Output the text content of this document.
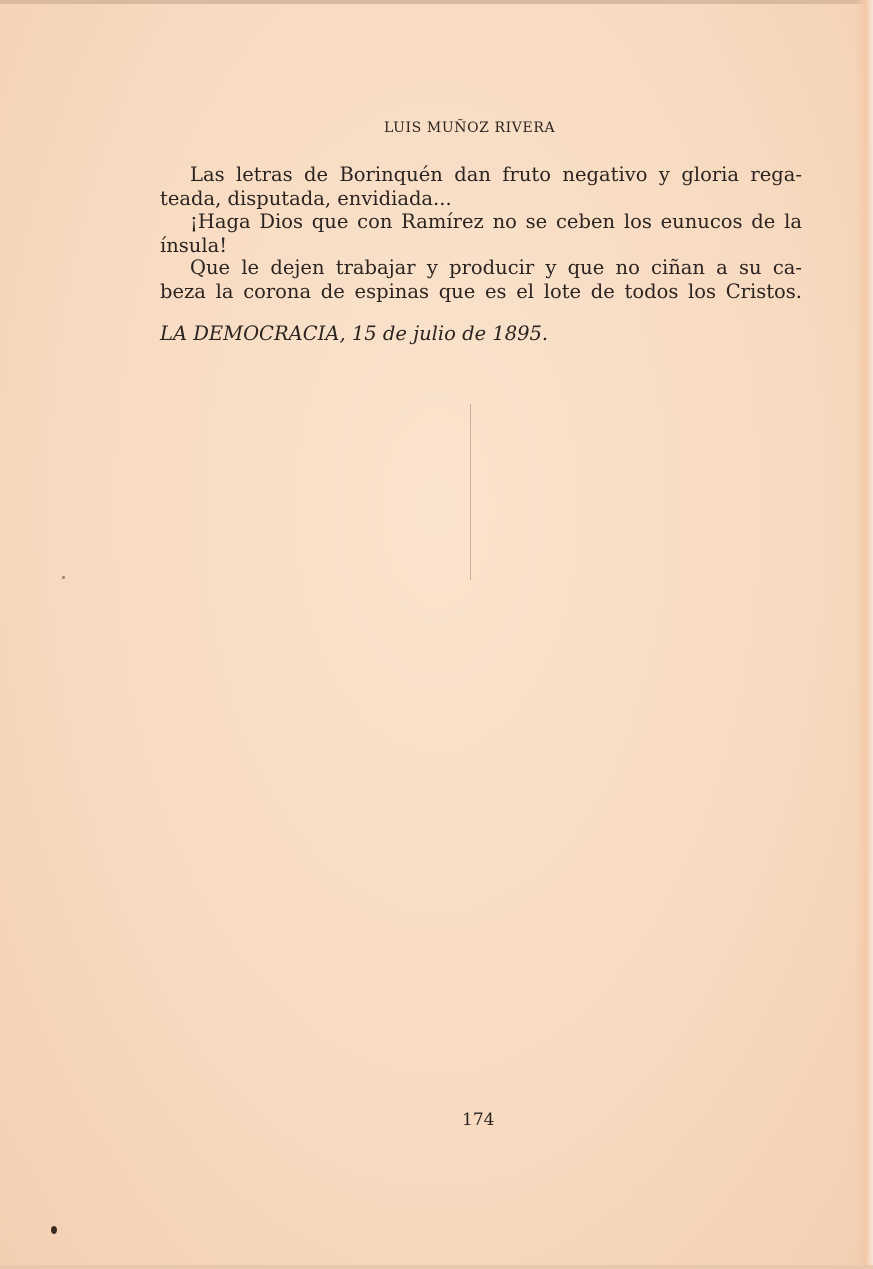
LUIS MUÑOZ RIVERA
Las letras de Borinquén dan fruto negativo y gloria rega-
teada, disputada, envidiada...
¡Haga Dios que con Ramírez no se ceben los eunucos de la
ínsula!
Que le dejen trabajar y producir y que no ciñan a su ca-
beza la corona de espinas que es el lote de todos los Cristos.
LA DEMOCRACIA, 15 de julio de 1895.
174
